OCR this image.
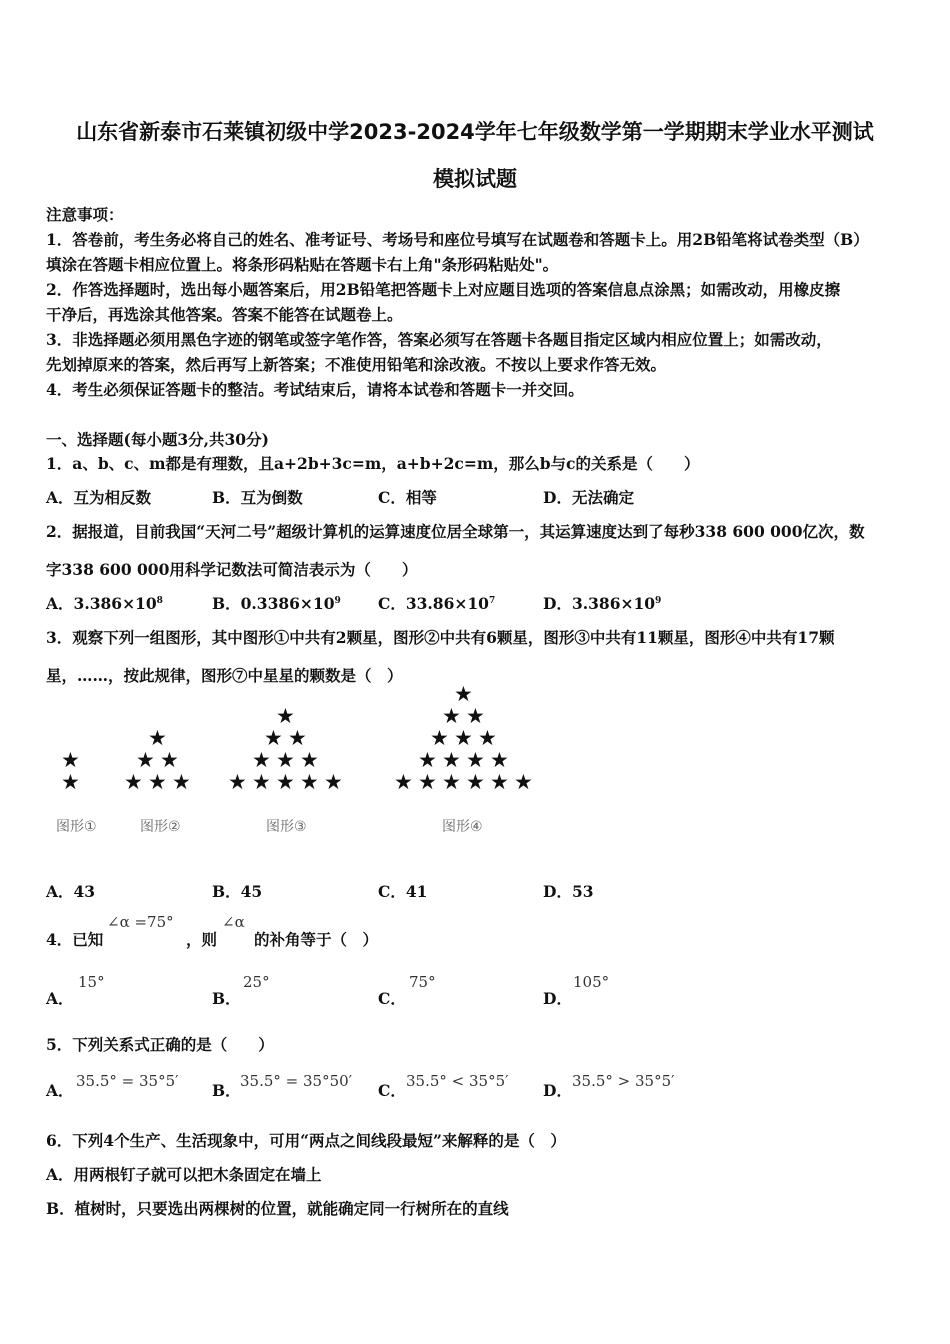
山东省新泰市石莱镇初级中学2023-2024学年七年级数学第一学期期末学业水平测试
模拟试题
注意事项：
1．答卷前，考生务必将自己的姓名、准考证号、考场号和座位号填写在试题卷和答题卡上。用2B铅笔将试卷类型（B）
填涂在答题卡相应位置上。将条形码粘贴在答题卡右上角"条形码粘贴处"。
2．作答选择题时，选出每小题答案后，用2B铅笔把答题卡上对应题目选项的答案信息点涂黑；如需改动，用橡皮擦
干净后，再选涂其他答案。答案不能答在试题卷上。
3．非选择题必须用黑色字迹的钢笔或签字笔作答，答案必须写在答题卡各题目指定区域内相应位置上；如需改动，
先划掉原来的答案，然后再写上新答案；不准使用铅笔和涂改液。不按以上要求作答无效。
4．考生必须保证答题卡的整洁。考试结束后，请将本试卷和答题卡一并交回。
一、选择题(每小题3分,共30分)
1．a、b、c、m都是有理数，且a+2b+3c=m，a+b+2c=m，那么b与c的关系是（　　）
A．互为相反数	B．互为倒数	C．相等	D．无法确定
2．据报道，目前我国“天河二号”超级计算机的运算速度位居全球第一，其运算速度达到了每秒338 600 000亿次，数
字338 600 000用科学记数法可简洁表示为（　　）
A．$3.386\times 10^8$	B．$0.3386\times 10^9$ C．$33.86\times 10^7$	D．$3.386\times 10^9$
3．观察下列一组图形，其中图形①中共有2颗星，图形②中共有6颗星，图形③中共有11颗星，图形④中共有17颗
星，……，按此规律，图形⑦中星星的颗数是（　）
★
★
★
★ ★
★ ★ ★
★
★ ★
★ ★ ★
★ ★ ★ ★ ★
★
★ ★
★ ★ ★
★ ★ ★ ★
★ ★ ★ ★ ★ ★
图形①	图形②	图形③	图形④
A．43	B．45	C．41	D．53
4．已知
∠α =75°
，则
∠α
的补角等于（　）
A．
15°
B．
25°
C．
75°
D．
105°
5．下列关系式正确的是（　　）
A． 35.5° = 35°5′ B． 35.5° = 35°50′ C． 35.5° < 35°5′ D． 35.5° > 35°5′
6．下列4个生产、生活现象中，可用“两点之间线段最短”来解释的是（　）
A．用两根钉子就可以把木条固定在墙上
B．植树时，只要选出两棵树的位置，就能确定同一行树所在的直线
